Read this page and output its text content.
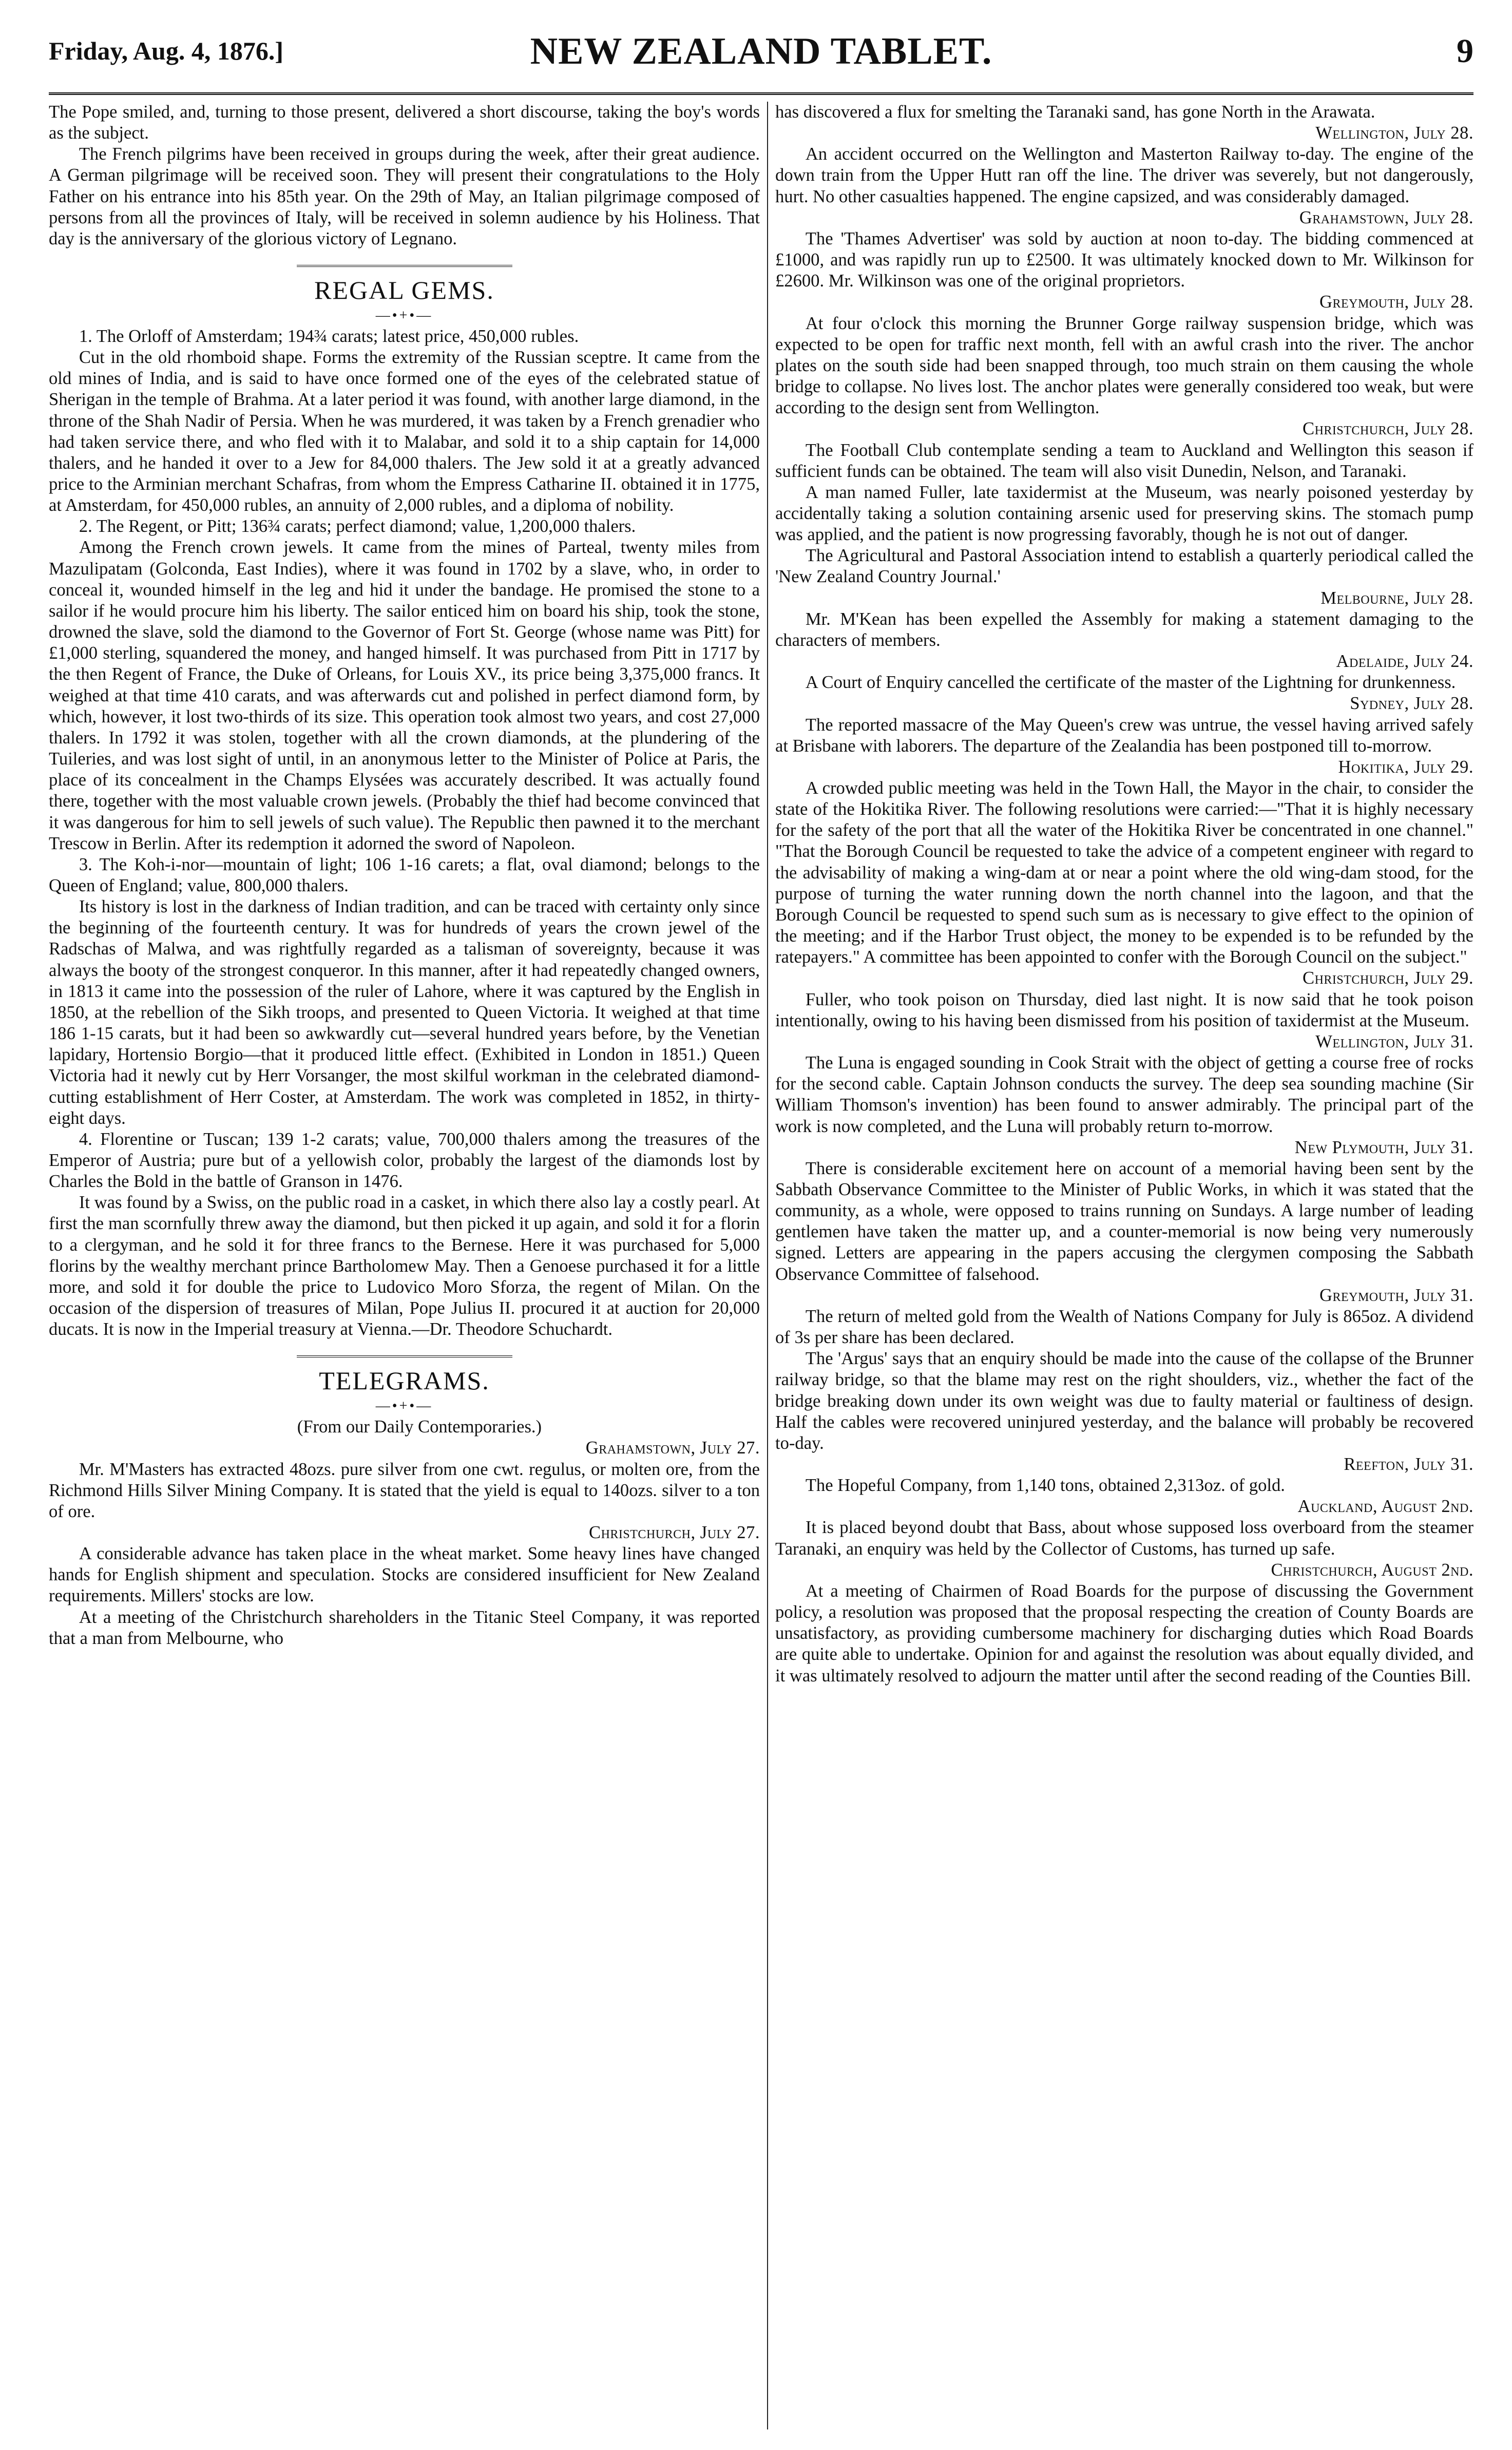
Friday, Aug. 4, 1876.]	NEW ZEALAND TABLET.	9

The Pope smiled, and, turning to those present, delivered a short discourse, taking the boy's words as the subject.

The French pilgrims have been received in groups during the week, after their great audience. A German pilgrimage will be received soon. They will present their congratulations to the Holy Father on his entrance into his 85th year. On the 29th of May, an Italian pilgrimage composed of persons from all the provinces of Italy, will be received in solemn audience by his Holiness. That day is the anniversary of the glorious victory of Legnano.

REGAL GEMS.
—•+•—

1. The Orloff of Amsterdam; 194¾ carats; latest price, 450,000 rubles.

Cut in the old rhomboid shape. Forms the extremity of the Russian sceptre. It came from the old mines of India, and is said to have once formed one of the eyes of the celebrated statue of Sherigan in the temple of Brahma. At a later period it was found, with another large diamond, in the throne of the Shah Nadir of Persia. When he was murdered, it was taken by a French grenadier who had taken service there, and who fled with it to Malabar, and sold it to a ship captain for 14,000 thalers, and he handed it over to a Jew for 84,000 thalers. The Jew sold it at a greatly advanced price to the Arminian merchant Schafras, from whom the Empress Catharine II. obtained it in 1775, at Amsterdam, for 450,000 rubles, an annuity of 2,000 rubles, and a diploma of nobility.

2. The Regent, or Pitt; 136¾ carats; perfect diamond; value, 1,200,000 thalers.

Among the French crown jewels. It came from the mines of Parteal, twenty miles from Mazulipatam (Golconda, East Indies), where it was found in 1702 by a slave, who, in order to conceal it, wounded himself in the leg and hid it under the bandage. He promised the stone to a sailor if he would procure him his liberty. The sailor enticed him on board his ship, took the stone, drowned the slave, sold the diamond to the Governor of Fort St. George (whose name was Pitt) for £1,000 sterling, squandered the money, and hanged himself. It was purchased from Pitt in 1717 by the then Regent of France, the Duke of Orleans, for Louis XV., its price being 3,375,000 francs. It weighed at that time 410 carats, and was afterwards cut and polished in perfect diamond form, by which, however, it lost two-thirds of its size. This operation took almost two years, and cost 27,000 thalers. In 1792 it was stolen, together with all the crown diamonds, at the plundering of the Tuileries, and was lost sight of until, in an anonymous letter to the Minister of Police at Paris, the place of its concealment in the Champs Elysées was accurately described. It was actually found there, together with the most valuable crown jewels. (Probably the thief had become convinced that it was dangerous for him to sell jewels of such value). The Republic then pawned it to the merchant Trescow in Berlin. After its redemption it adorned the sword of Napoleon.

3. The Koh-i-nor—mountain of light; 106 1-16 carets; a flat, oval diamond; belongs to the Queen of England; value, 800,000 thalers.

Its history is lost in the darkness of Indian tradition, and can be traced with certainty only since the beginning of the fourteenth century. It was for hundreds of years the crown jewel of the Radschas of Malwa, and was rightfully regarded as a talisman of sovereignty, because it was always the booty of the strongest conqueror. In this manner, after it had repeatedly changed owners, in 1813 it came into the possession of the ruler of Lahore, where it was captured by the English in 1850, at the rebellion of the Sikh troops, and presented to Queen Victoria. It weighed at that time 186 1-15 carats, but it had been so awkwardly cut—several hundred years before, by the Venetian lapidary, Hortensio Borgio—that it produced little effect. (Exhibited in London in 1851.) Queen Victoria had it newly cut by Herr Vorsanger, the most skilful workman in the celebrated diamond-cutting establishment of Herr Coster, at Amsterdam. The work was completed in 1852, in thirty-eight days.

4. Florentine or Tuscan; 139 1-2 carats; value, 700,000 thalers among the treasures of the Emperor of Austria; pure but of a yellowish color, probably the largest of the diamonds lost by Charles the Bold in the battle of Granson in 1476.

It was found by a Swiss, on the public road in a casket, in which there also lay a costly pearl. At first the man scornfully threw away the diamond, but then picked it up again, and sold it for a florin to a clergyman, and he sold it for three francs to the Bernese. Here it was purchased for 5,000 florins by the wealthy merchant prince Bartholomew May. Then a Genoese purchased it for a little more, and sold it for double the price to Ludovico Moro Sforza, the regent of Milan. On the occasion of the dispersion of treasures of Milan, Pope Julius II. procured it at auction for 20,000 ducats. It is now in the Imperial treasury at Vienna.—Dr. Theodore Schuchardt.

TELEGRAMS.
—•+•—

(From our Daily Contemporaries.)

Grahamstown, July 27.

Mr. M'Masters has extracted 48ozs. pure silver from one cwt. regulus, or molten ore, from the Richmond Hills Silver Mining Company. It is stated that the yield is equal to 140ozs. silver to a ton of ore.

Christchurch, July 27.

A considerable advance has taken place in the wheat market. Some heavy lines have changed hands for English shipment and speculation. Stocks are considered insufficient for New Zealand requirements. Millers' stocks are low.

At a meeting of the Christchurch shareholders in the Titanic Steel Company, it was reported that a man from Melbourne, who

has discovered a flux for smelting the Taranaki sand, has gone North in the Arawata.

Wellington, July 28.

An accident occurred on the Wellington and Masterton Railway to-day. The engine of the down train from the Upper Hutt ran off the line. The driver was severely, but not dangerously, hurt. No other casualties happened. The engine capsized, and was considerably damaged.

Grahamstown, July 28.

The 'Thames Advertiser' was sold by auction at noon to-day. The bidding commenced at £1000, and was rapidly run up to £2500. It was ultimately knocked down to Mr. Wilkinson for £2600. Mr. Wilkinson was one of the original proprietors.

Greymouth, July 28.

At four o'clock this morning the Brunner Gorge railway suspension bridge, which was expected to be open for traffic next month, fell with an awful crash into the river. The anchor plates on the south side had been snapped through, too much strain on them causing the whole bridge to collapse. No lives lost. The anchor plates were generally considered too weak, but were according to the design sent from Wellington.

Christchurch, July 28.

The Football Club contemplate sending a team to Auckland and Wellington this season if sufficient funds can be obtained. The team will also visit Dunedin, Nelson, and Taranaki.

A man named Fuller, late taxidermist at the Museum, was nearly poisoned yesterday by accidentally taking a solution containing arsenic used for preserving skins. The stomach pump was applied, and the patient is now progressing favorably, though he is not out of danger.

The Agricultural and Pastoral Association intend to establish a quarterly periodical called the 'New Zealand Country Journal.'

Melbourne, July 28.

Mr. M'Kean has been expelled the Assembly for making a statement damaging to the characters of members.

Adelaide, July 24.

A Court of Enquiry cancelled the certificate of the master of the Lightning for drunkenness.

Sydney, July 28.

The reported massacre of the May Queen's crew was untrue, the vessel having arrived safely at Brisbane with laborers. The departure of the Zealandia has been postponed till to-morrow.

Hokitika, July 29.

A crowded public meeting was held in the Town Hall, the Mayor in the chair, to consider the state of the Hokitika River. The following resolutions were carried:—"That it is highly necessary for the safety of the port that all the water of the Hokitika River be concentrated in one channel." "That the Borough Council be requested to take the advice of a competent engineer with regard to the advisability of making a wing-dam at or near a point where the old wing-dam stood, for the purpose of turning the water running down the north channel into the lagoon, and that the Borough Council be requested to spend such sum as is necessary to give effect to the opinion of the meeting; and if the Harbor Trust object, the money to be expended is to be refunded by the ratepayers." A committee has been appointed to confer with the Borough Council on the subject."

Christchurch, July 29.

Fuller, who took poison on Thursday, died last night. It is now said that he took poison intentionally, owing to his having been dismissed from his position of taxidermist at the Museum.

Wellington, July 31.

The Luna is engaged sounding in Cook Strait with the object of getting a course free of rocks for the second cable. Captain Johnson conducts the survey. The deep sea sounding machine (Sir William Thomson's invention) has been found to answer admirably. The principal part of the work is now completed, and the Luna will probably return to-morrow.

New Plymouth, July 31.

There is considerable excitement here on account of a memorial having been sent by the Sabbath Observance Committee to the Minister of Public Works, in which it was stated that the community, as a whole, were opposed to trains running on Sundays. A large number of leading gentlemen have taken the matter up, and a counter-memorial is now being very numerously signed. Letters are appearing in the papers accusing the clergymen composing the Sabbath Observance Committee of falsehood.

Greymouth, July 31.

The return of melted gold from the Wealth of Nations Company for July is 865oz. A dividend of 3s per share has been declared.

The 'Argus' says that an enquiry should be made into the cause of the collapse of the Brunner railway bridge, so that the blame may rest on the right shoulders, viz., whether the fact of the bridge breaking down under its own weight was due to faulty material or faultiness of design. Half the cables were recovered uninjured yesterday, and the balance will probably be recovered to-day.

Reefton, July 31.

The Hopeful Company, from 1,140 tons, obtained 2,313oz. of gold.

Auckland, August 2nd.

It is placed beyond doubt that Bass, about whose supposed loss overboard from the steamer Taranaki, an enquiry was held by the Collector of Customs, has turned up safe.

Christchurch, August 2nd.

At a meeting of Chairmen of Road Boards for the purpose of discussing the Government policy, a resolution was proposed that the proposal respecting the creation of County Boards are unsatisfactory, as providing cumbersome machinery for discharging duties which Road Boards are quite able to undertake. Opinion for and against the resolution was about equally divided, and it was ultimately resolved to adjourn the matter until after the second reading of the Counties Bill.
